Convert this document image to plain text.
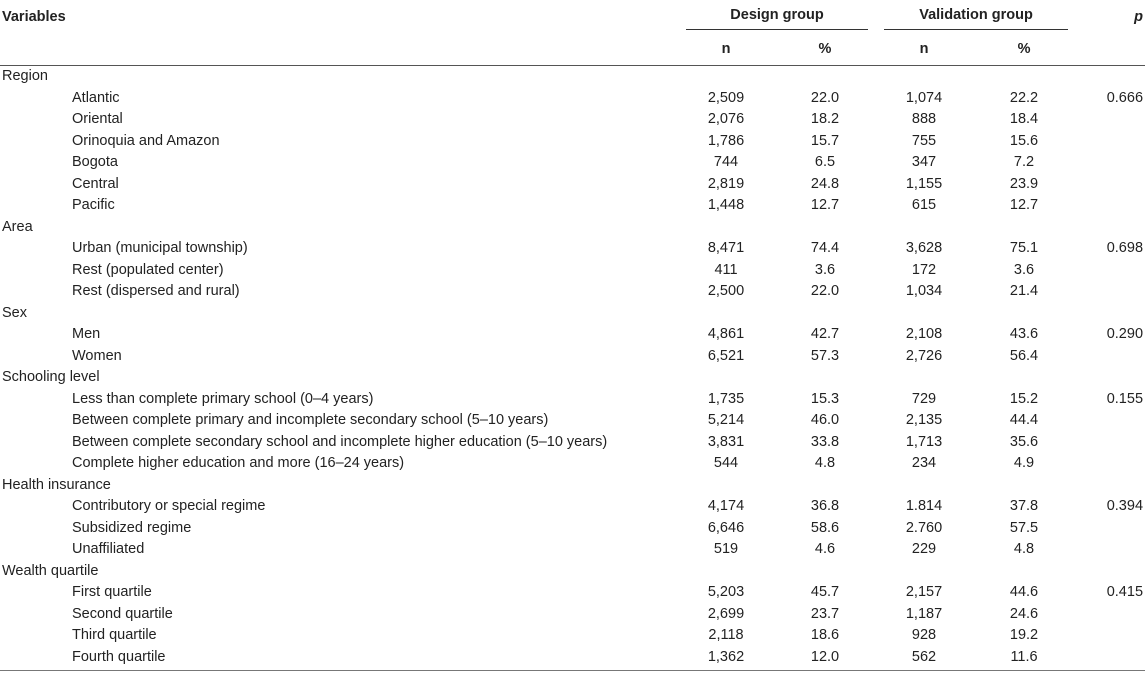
Variables	Design group		Validation group		p
	n	%	n	%	

Region					
Atlantic	2,509	22.0	1,074	22.2	0.666
Oriental	2,076	18.2	888	18.4	
Orinoquia and Amazon	1,786	15.7	755	15.6	
Bogota	744	6.5	347	7.2	
Central	2,819	24.8	1,155	23.9	
Pacific	1,448	12.7	615	12.7	
Area					
Urban (municipal township)	8,471	74.4	3,628	75.1	0.698
Rest (populated center)	411	3.6	172	3.6	
Rest (dispersed and rural)	2,500	22.0	1,034	21.4	
Sex					
Men	4,861	42.7	2,108	43.6	0.290
Women	6,521	57.3	2,726	56.4	
Schooling level					
Less than complete primary school (0–4 years)	1,735	15.3	729	15.2	0.155
Between complete primary and incomplete secondary school (5–10 years)	5,214	46.0	2,135	44.4	
Between complete secondary school and incomplete higher education (5–10 years)	3,831	33.8	1,713	35.6	
Complete higher education and more (16–24 years)	544	4.8	234	4.9	
Health insurance					
Contributory or special regime	4,174	36.8	1.814	37.8	0.394
Subsidized regime	6,646	58.6	2.760	57.5	
Unaffiliated	519	4.6	229	4.8	
Wealth quartile					
First quartile	5,203	45.7	2,157	44.6	0.415
Second quartile	2,699	23.7	1,187	24.6	
Third quartile	2,118	18.6	928	19.2	
Fourth quartile	1,362	12.0	562	11.6	
